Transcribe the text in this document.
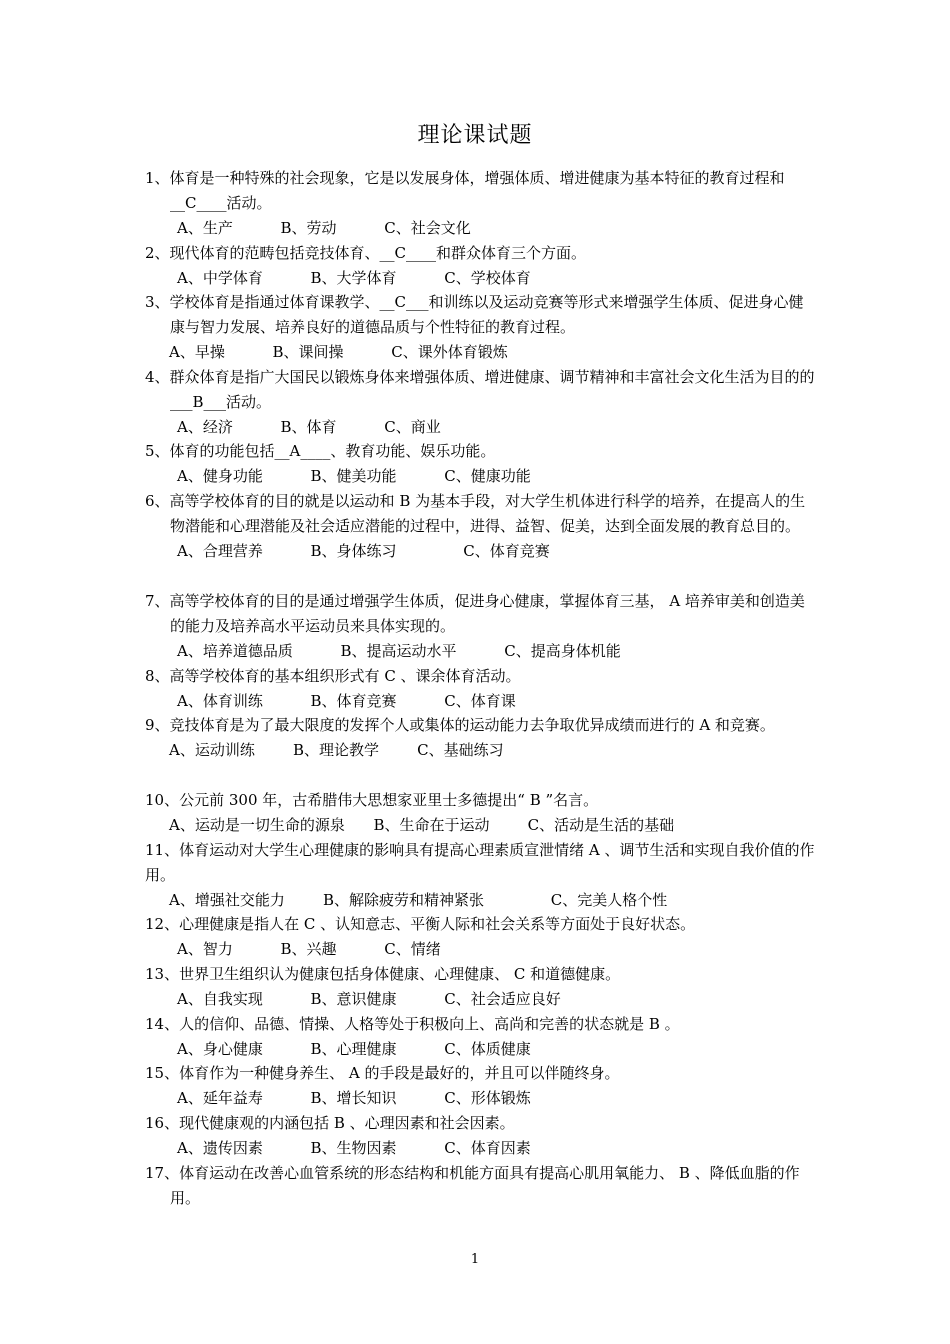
理论课试题
1、体育是一种特殊的社会现象，它是以发展身体，增强体质、增进健康为基本特征的教育过程和__C____活动。
A、生产          B、劳动          C、社会文化
2、现代体育的范畴包括竞技体育、__C____和群众体育三个方面。
A、中学体育          B、大学体育          C、学校体育
3、学校体育是指通过体育课教学、__C___和训练以及运动竞赛等形式来增强学生体质、促进身心健康与智力发展、培养良好的道德品质与个性特征的教育过程。
A、早操          B、课间操          C、课外体育锻炼
4、群众体育是指广大国民以锻炼身体来增强体质、增进健康、调节精神和丰富社会文化生活为目的的___B___活动。
A、经济          B、体育          C、商业
5、体育的功能包括__A____、教育功能、娱乐功能。
A、健身功能          B、健美功能          C、健康功能
6、高等学校体育的目的就是以运动和 B 为基本手段，对大学生机体进行科学的培养，在提高人的生物潜能和心理潜能及社会适应潜能的过程中，进得、益智、促美，达到全面发展的教育总目的。
A、合理营养          B、身体练习              C、体育竞赛
7、高等学校体育的目的是通过增强学生体质，促进身心健康，掌握体育三基， A 培养审美和创造美的能力及培养高水平运动员来具体实现的。
A、培养道德品质          B、提高运动水平          C、提高身体机能
8、高等学校体育的基本组织形式有 C 、课余体育活动。
A、体育训练          B、体育竞赛          C、体育课
9、竞技体育是为了最大限度的发挥个人或集体的运动能力去争取优异成绩而进行的 A 和竞赛。
A、运动训练        B、理论教学        C、基础练习
10、公元前 300 年，古希腊伟大思想家亚里士多德提出“ B ”名言。
A、运动是一切生命的源泉      B、生命在于运动        C、活动是生活的基础
11、体育运动对大学生心理健康的影响具有提高心理素质宣泄情绪 A 、调节生活和实现自我价值的作用。
A、增强社交能力        B、解除疲劳和精神紧张              C、完美人格个性
12、心理健康是指人在 C 、认知意志、平衡人际和社会关系等方面处于良好状态。
A、智力          B、兴趣          C、情绪
13、世界卫生组织认为健康包括身体健康、心理健康、 C 和道德健康。
A、自我实现          B、意识健康          C、社会适应良好
14、人的信仰、品德、情操、人格等处于积极向上、高尚和完善的状态就是 B 。
A、身心健康          B、心理健康          C、体质健康
15、体育作为一种健身养生、 A 的手段是最好的，并且可以伴随终身。
A、延年益寿          B、增长知识          C、形体锻炼
16、现代健康观的内涵包括 B 、心理因素和社会因素。
A、遗传因素          B、生物因素          C、体育因素
17、体育运动在改善心血管系统的形态结构和机能方面具有提高心肌用氧能力、 B 、降低血脂的作用。
1
